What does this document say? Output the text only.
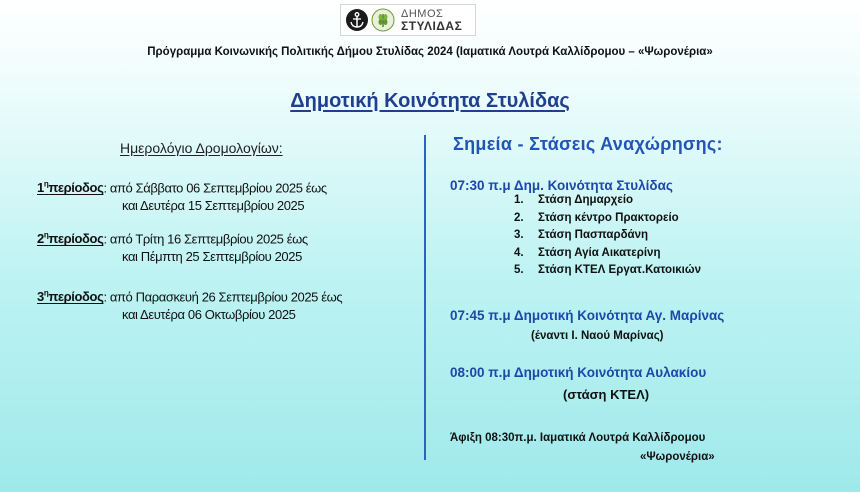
ΔΗΜΟΣ
ΣΤΥΛΙΔΑΣ
Πρόγραμμα Κοινωνικής Πολιτικής Δήμου Στυλίδας 2024 (Ιαματικά Λουτρά Καλλίδρομου – «Ψωρονέρια»
Δημοτική Κοινότητα Στυλίδας
Ημερολόγιο Δρομολογίων:
$1^\eta\pi\varepsilon\rho ίo\delta o\varsigma$: από Σάββατο 06 Σεπτεμβρίου 2025 έως
και Δευτέρα 15 Σεπτεμβρίου 2025
$2^\eta\pi\varepsilon\rho ίo\delta o\varsigma$: από Τρίτη 16 Σεπτεμβρίου 2025 έως
και Πέμπτη 25 Σεπτεμβρίου 2025
$3^\eta\pi\varepsilon\rho ίo\delta o\varsigma$: από Παρασκευή 26 Σεπτεμβρίου 2025 έως
και Δευτέρα 06 Οκτωβρίου 2025
Σημεία - Στάσεις Αναχώρησης:
07:30 π.μ Δημ. Κοινότητα Στυλίδας
1. Στάση Δημαρχείο
2. Στάση κέντρο Πρακτορείο
3. Στάση Πασπαρδάνη
4. Στάση Αγία Αικατερίνη
5. Στάση ΚΤΕΛ Εργατ.Κατοικιών
07:45 π.μ Δημοτική Κοινότητα Αγ. Μαρίνας
(έναντι Ι. Ναού Μαρίνας)
08:00 π.μ Δημοτική Κοινότητα Αυλακίου
(στάση ΚΤΕΛ)
Άφιξη 08:30π.μ. Ιαματικά Λουτρά Καλλίδρομου
«Ψωρονέρια»
